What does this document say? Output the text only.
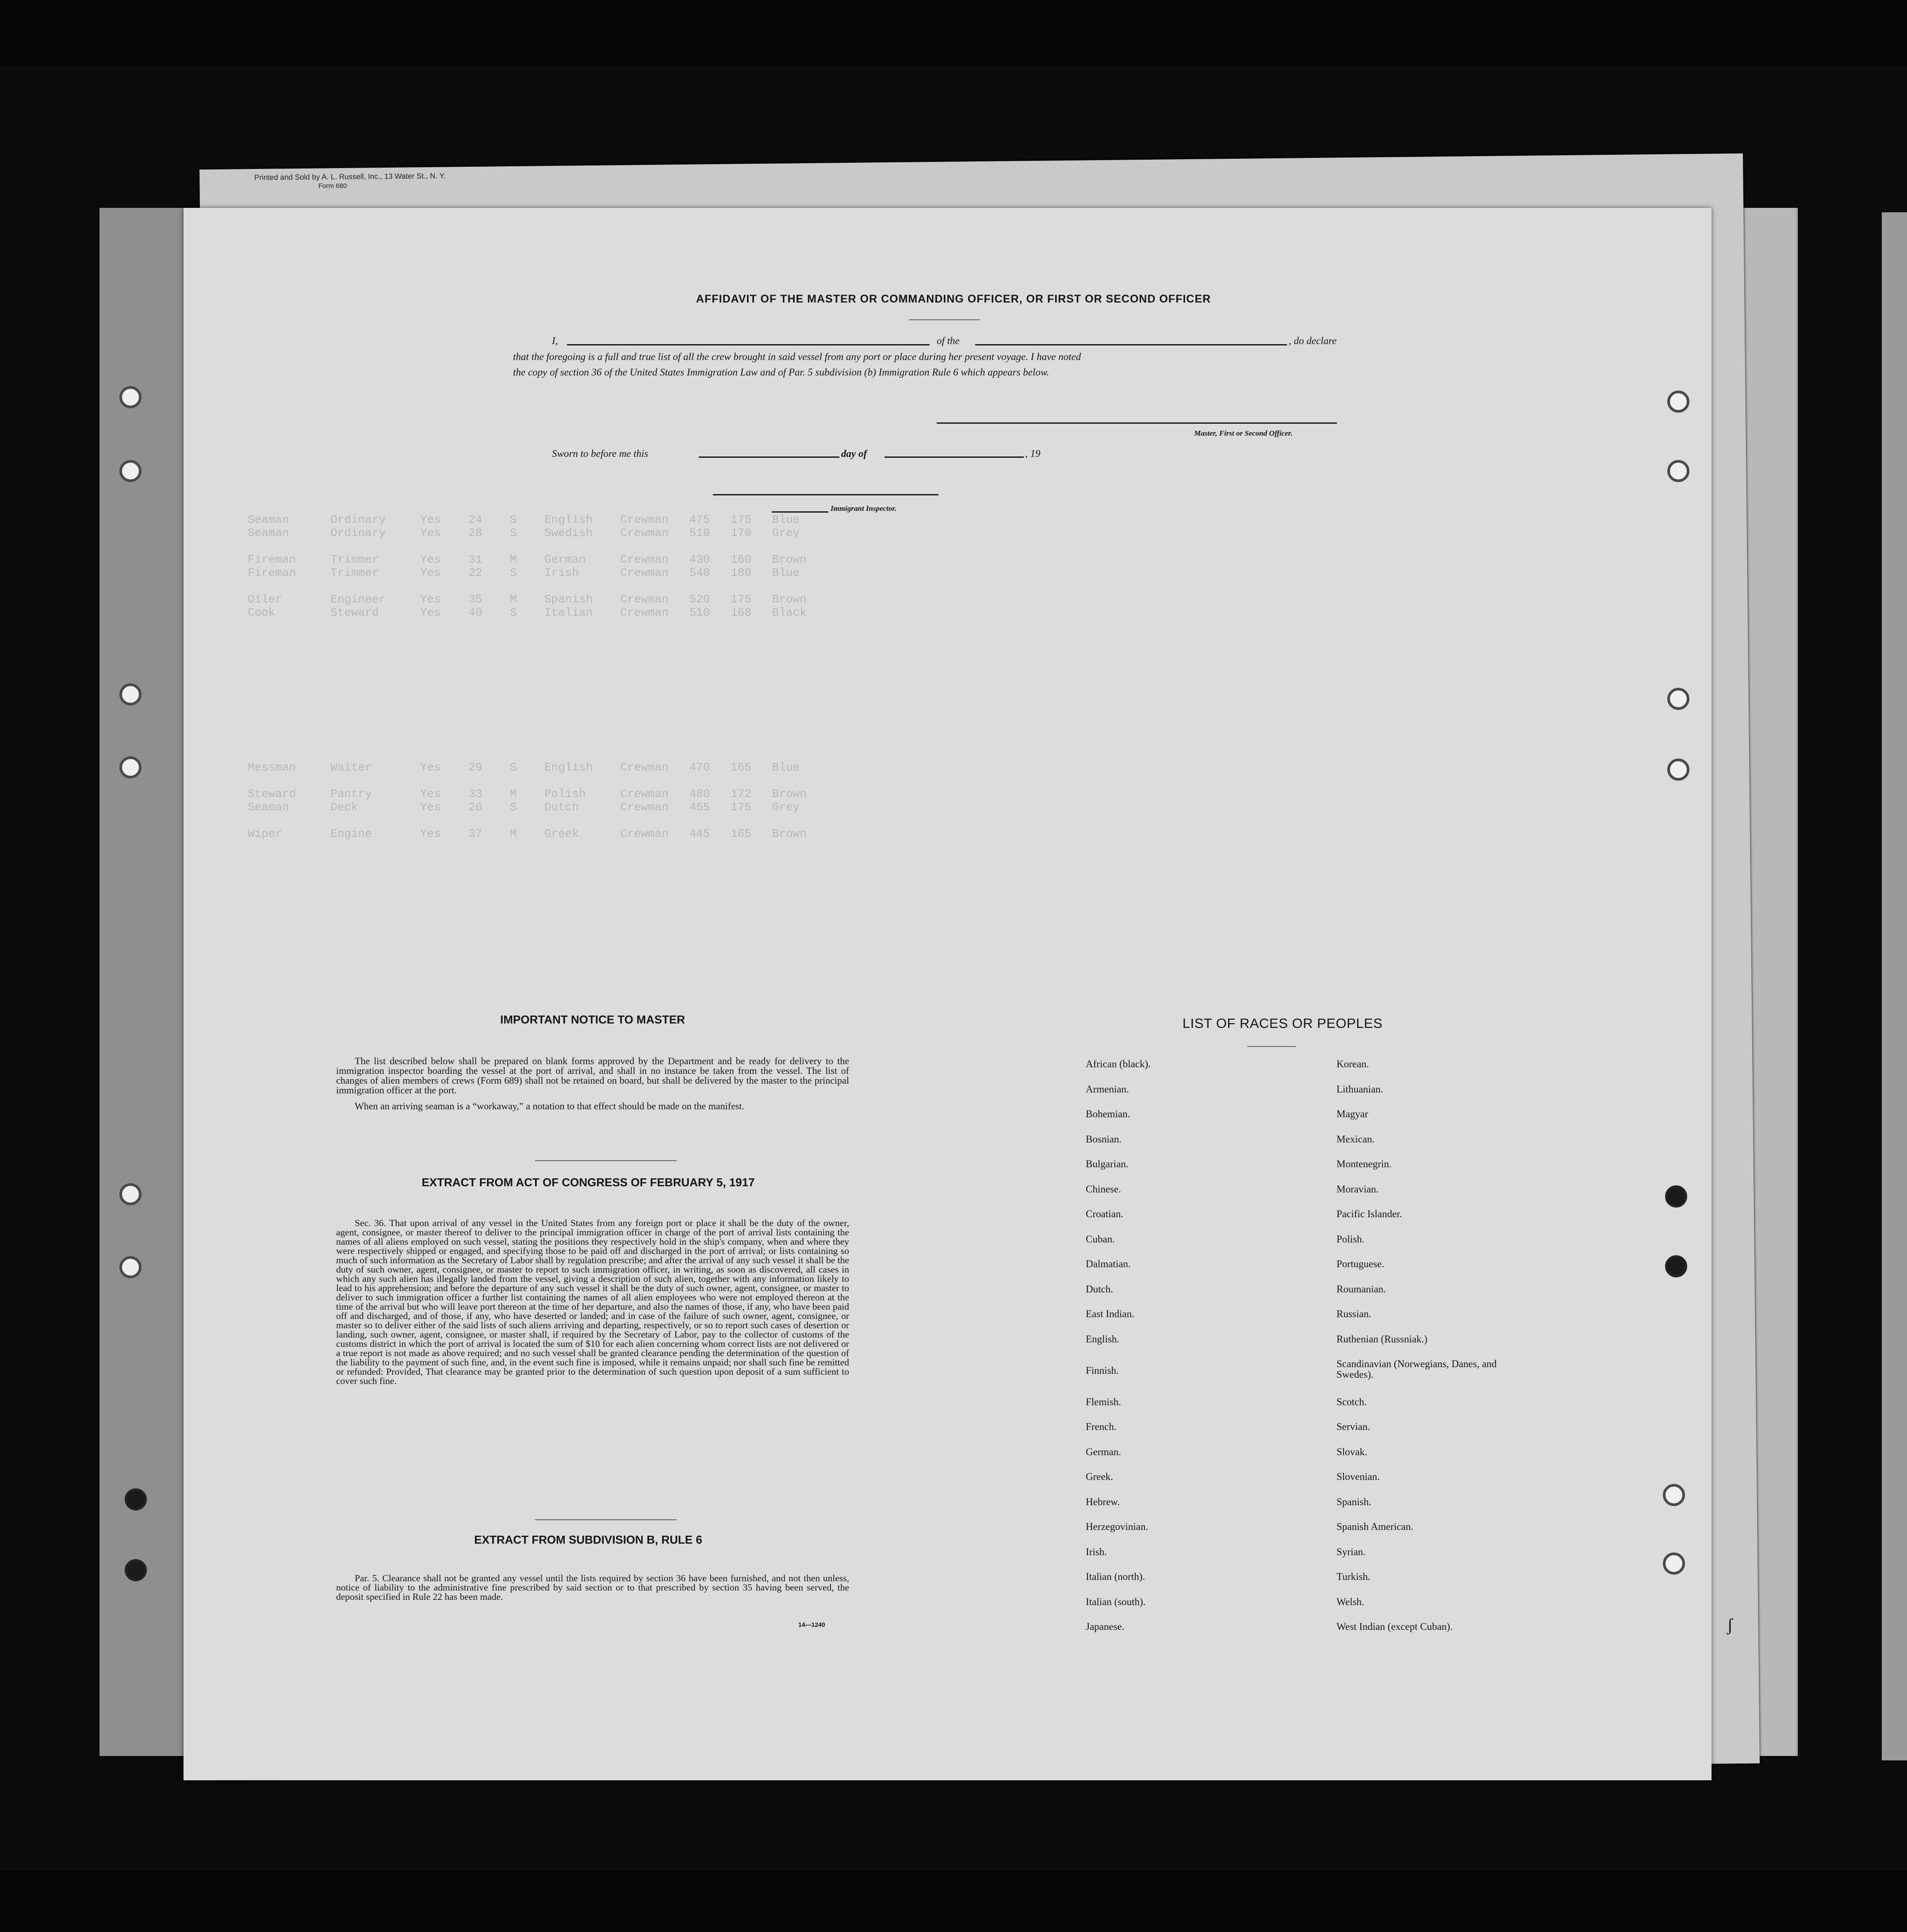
Printed and Sold by A. L. Russell, Inc., 13 Water St., N. Y.
Form 680
Seaman      Ordinary     Yes    24    S    English    Crewman   475   175   Blue
Seaman      Ordinary     Yes    28    S    Swedish    Crewman   510   170   Grey

Fireman     Trimmer      Yes    31    M    German     Crewman   430   160   Brown
Fireman     Trimmer      Yes    22    S    Irish      Crewman   540   180   Blue

Oiler       Engineer     Yes    35    M    Spanish    Crewman   520   175   Brown
Cook        Steward      Yes    40    S    Italian    Crewman   510   168   Black
Messman     Waiter       Yes    29    S    English    Crewman   470   165   Blue

Steward     Pantry       Yes    33    M    Polish     Crewman   480   172   Brown
Seaman      Deck         Yes    26    S    Dutch      Crewman   455   175   Grey

Wiper       Engine       Yes    37    M    Greek      Crewman   445   165   Brown
AFFIDAVIT OF THE MASTER OR COMMANDING OFFICER, OR FIRST OR SECOND OFFICER
I,	of the	, do declare
that the foregoing is a full and true list of all the crew brought in said vessel from any port or place during her present voyage. I have noted
the copy of section 36 of the United States Immigration Law and of Par. 5 subdivision (b) Immigration Rule 6 which appears below.
Master, First or Second Officer.
Sworn to before me this	day of	, 19
Immigrant Inspector.
IMPORTANT NOTICE TO MASTER

The list described below shall be prepared on blank forms approved by the Department and be ready for delivery to the immigration inspector boarding the vessel at the port of arrival, and shall in no instance be taken from the vessel. The list of changes of alien members of crews (Form 689) shall not be retained on board, but shall be delivered by the master to the principal immigration officer at the port.

When an arriving seaman is a “workaway,” a notation to that effect should be made on the manifest.

EXTRACT FROM ACT OF CONGRESS OF FEBRUARY 5, 1917

Sec. 36. That upon arrival of any vessel in the United States from any foreign port or place it shall be the duty of the owner, agent, consignee, or master thereof to deliver to the principal immigration officer in charge of the port of arrival lists containing the names of all aliens employed on such vessel, stating the positions they respectively hold in the ship's company, when and where they were respectively shipped or engaged, and specifying those to be paid off and discharged in the port of arrival; or lists containing so much of such information as the Secretary of Labor shall by regulation prescribe; and after the arrival of any such vessel it shall be the duty of such owner, agent, consignee, or master to report to such immigration officer, in writing, as soon as discovered, all cases in which any such alien has illegally landed from the vessel, giving a description of such alien, together with any information likely to lead to his apprehension; and before the departure of any such vessel it shall be the duty of such owner, agent, consignee, or master to deliver to such immigration officer a further list containing the names of all alien employees who were not employed thereon at the time of the arrival but who will leave port thereon at the time of her departure, and also the names of those, if any, who have been paid off and discharged, and of those, if any, who have deserted or landed; and in case of the failure of such owner, agent, consignee, or master so to deliver either of the said lists of such aliens arriving and departing, respectively, or so to report such cases of desertion or landing, such owner, agent, consignee, or master shall, if required by the Secretary of Labor, pay to the collector of customs of the customs district in which the port of arrival is located the sum of $10 for each alien concerning whom correct lists are not delivered or a true report is not made as above required; and no such vessel shall be granted clearance pending the determination of the question of the liability to the payment of such fine, and, in the event such fine is imposed, while it remains unpaid; nor shall such fine be remitted or refunded: Provided, That clearance may be granted prior to the determination of such question upon deposit of a sum sufficient to cover such fine.

EXTRACT FROM SUBDIVISION B, RULE 6

Par. 5. Clearance shall not be granted any vessel until the lists required by section 36 have been furnished, and not then unless, notice of liability to the administrative fine prescribed by said section or to that prescribed by section 35 having been served, the deposit specified in Rule 22 has been made.

14—1240
LIST OF RACES OR PEOPLES
African (black).
Armenian.
Bohemian.
Bosnian.
Bulgarian.
Chinese.
Croatian.
Cuban.
Dalmatian.
Dutch.
East Indian.
English.
Finnish.
Flemish.
French.
German.
Greek.
Hebrew.
Herzegovinian.
Irish.
Italian (north).
Italian (south).
Japanese.
Korean.
Lithuanian.
Magyar
Mexican.
Montenegrin.
Moravian.
Pacific Islander.
Polish.
Portuguese.
Roumanian.
Russian.
Ruthenian (Russniak.)
Scandinavian (Norwegians, Danes, and Swedes).
Scotch.
Servian.
Slovak.
Slovenian.
Spanish.
Spanish American.
Syrian.
Turkish.
Welsh.
West Indian (except Cuban).	ʃ
